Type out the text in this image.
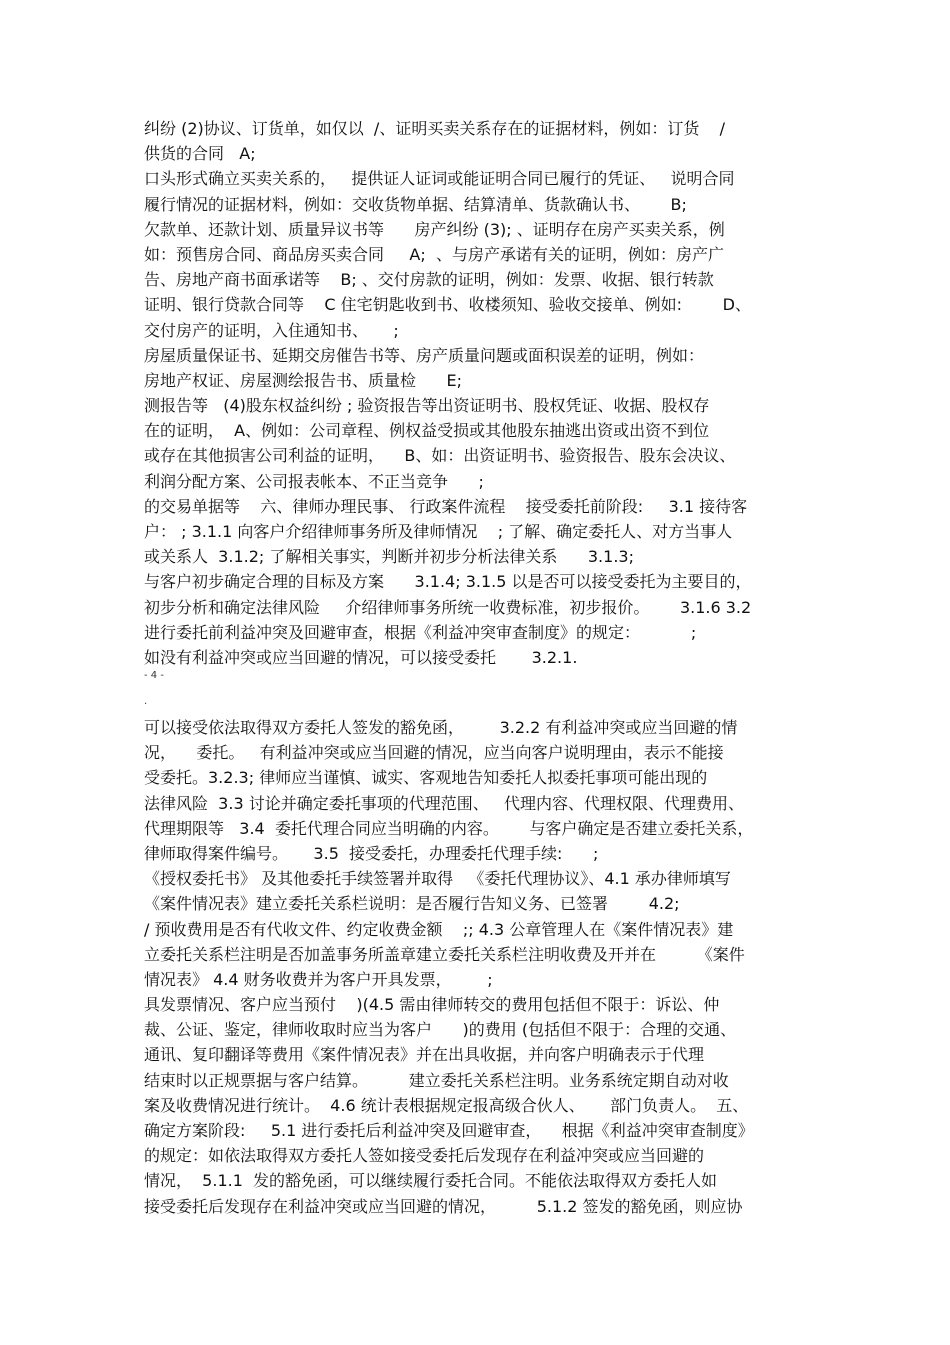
纠纷 (2)协议、订货单，如仅以  /、证明买卖关系存在的证据材料，例如：订货    /
供货的合同   A;
口头形式确立买卖关系的，   提供证人证词或能证明合同已履行的凭证、   说明合同
履行情况的证据材料，例如：交收货物单据、结算清单、货款确认书、      B;
欠款单、还款计划、质量异议书等      房产纠纷 (3); 、证明存在房产买卖关系，例
如：预售房合同、商品房买卖合同     A;  、与房产承诺有关的证明，例如：房产广
告、房地产商书面承诺等    B; 、交付房款的证明，例如：发票、收据、银行转款
证明、银行贷款合同等    C 住宅钥匙收到书、收楼须知、验收交接单、例如:        D、
交付房产的证明，入住通知书、     ;
房屋质量保证书、延期交房催告书等、房产质量问题或面积误差的证明，例如：
房地产权证、房屋测绘报告书、质量检      E;
测报告等   (4)股东权益纠纷 ; 验资报告等出资证明书、股权凭证、收据、股权存
在的证明，  A、例如：公司章程、例权益受损或其他股东抽逃出资或出资不到位
或存在其他损害公司利益的证明，    B、如：出资证明书、验资报告、股东会决议、
利润分配方案、公司报表帐本、不正当竞争      ;
的交易单据等    六、律师办理民事、 行政案件流程    接受委托前阶段:     3.1 接待客
户： ; 3.1.1 向客户介绍律师事务所及律师情况    ; 了解、确定委托人、对方当事人
或关系人  3.1.2; 了解相关事实，判断并初步分析法律关系      3.1.3;
与客户初步确定合理的目标及方案      3.1.4; 3.1.5 以是否可以接受委托为主要目的，
初步分析和确定法律风险     介绍律师事务所统一收费标准，初步报价。      3.1.6 3.2
进行委托前利益冲突及回避审查，根据《利益冲突审查制度》的规定：          ;
如没有利益冲突或应当回避的情况，可以接受委托       3.2.1.
- 4 -
.
可以接受依法取得双方委托人签发的豁免函，       3.2.2 有利益冲突或应当回避的情
况，    委托。   有利益冲突或应当回避的情况，应当向客户说明理由，表示不能接
受委托。3.2.3; 律师应当谨慎、诚实、客观地告知委托人拟委托事项可能出现的
法律风险  3.3 讨论并确定委托事项的代理范围、   代理内容、代理权限、代理费用、
代理期限等   3.4  委托代理合同应当明确的内容。      与客户确定是否建立委托关系，
律师取得案件编号。     3.5  接受委托，办理委托代理手续:      ;
《授权委托书》 及其他委托手续签署并取得   《委托代理协议》、4.1 承办律师填写
《案件情况表》建立委托关系栏说明：是否履行告知义务、已签署        4.2;
/ 预收费用是否有代收文件、约定收费金额    ;; 4.3 公章管理人在《案件情况表》建
立委托关系栏注明是否加盖事务所盖章建立委托关系栏注明收费及开并在        《案件
情况表》 4.4 财务收费并为客户开具发票，       ;
具发票情况、客户应当预付    )(4.5 需由律师转交的费用包括但不限于：诉讼、仲
裁、公证、鉴定，律师收取时应当为客户      )的费用 (包括但不限于：合理的交通、
通讯、复印翻译等费用《案件情况表》并在出具收据，并向客户明确表示于代理
结束时以正规票据与客户结算。        建立委托关系栏注明。业务系统定期自动对收
案及收费情况进行统计。  4.6 统计表根据规定报高级合伙人、     部门负责人。  五、
确定方案阶段:     5.1 进行委托后利益冲突及回避审查，    根据《利益冲突审查制度》
的规定：如依法取得双方委托人签如接受委托后发现存在利益冲突或应当回避的
情况，  5.1.1  发的豁免函，可以继续履行委托合同。不能依法取得双方委托人如
接受委托后发现存在利益冲突或应当回避的情况，        5.1.2 签发的豁免函，则应协
